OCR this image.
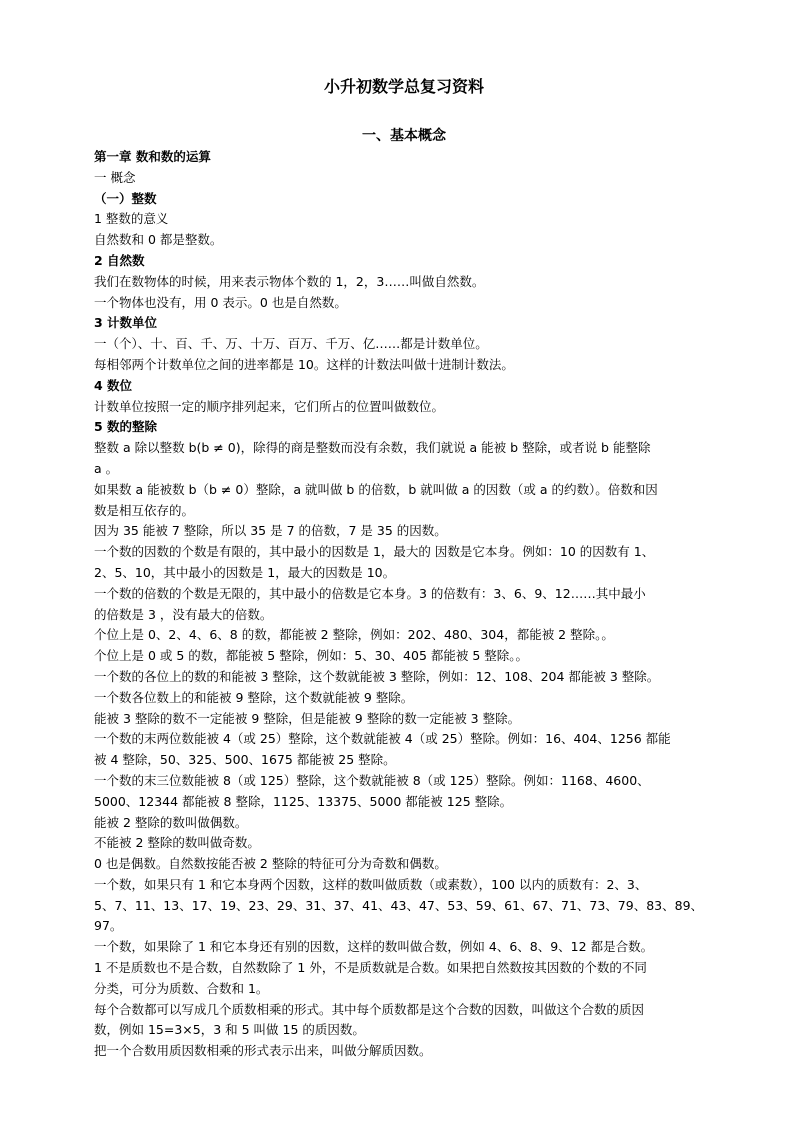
小升初数学总复习资料
一、基本概念
第一章 数和数的运算
一 概念
（一）整数
1 整数的意义
自然数和 0 都是整数。
2 自然数
我们在数物体的时候，用来表示物体个数的 1，2，3……叫做自然数。
一个物体也没有，用 0 表示。0 也是自然数。
3 计数单位
一（个）、十、百、千、万、十万、百万、千万、亿……都是计数单位。
每相邻两个计数单位之间的进率都是 10。这样的计数法叫做十进制计数法。
4 数位
计数单位按照一定的顺序排列起来，它们所占的位置叫做数位。
5 数的整除
整数 a 除以整数 b(b ≠ 0)，除得的商是整数而没有余数，我们就说 a 能被 b 整除，或者说 b 能整除
a 。
如果数 a 能被数 b（b ≠ 0）整除，a 就叫做 b 的倍数，b 就叫做 a 的因数（或 a 的约数）。倍数和因
数是相互依存的。
因为 35 能被 7 整除，所以 35 是 7 的倍数，7 是 35 的因数。
一个数的因数的个数是有限的，其中最小的因数是 1，最大的 因数是它本身。例如：10 的因数有 1、
2、5、10，其中最小的因数是 1，最大的因数是 10。
一个数的倍数的个数是无限的，其中最小的倍数是它本身。3 的倍数有：3、6、9、12……其中最小
的倍数是 3 ，没有最大的倍数。
个位上是 0、2、4、6、8 的数，都能被 2 整除，例如：202、480、304，都能被 2 整除。。
个位上是 0 或 5 的数，都能被 5 整除，例如：5、30、405 都能被 5 整除。。
一个数的各位上的数的和能被 3 整除，这个数就能被 3 整除，例如：12、108、204 都能被 3 整除。
一个数各位数上的和能被 9 整除，这个数就能被 9 整除。
能被 3 整除的数不一定能被 9 整除，但是能被 9 整除的数一定能被 3 整除。
一个数的末两位数能被 4（或 25）整除，这个数就能被 4（或 25）整除。例如：16、404、1256 都能
被 4 整除，50、325、500、1675 都能被 25 整除。
一个数的末三位数能被 8（或 125）整除，这个数就能被 8（或 125）整除。例如：1168、4600、
5000、12344 都能被 8 整除，1125、13375、5000 都能被 125 整除。
能被 2 整除的数叫做偶数。
不能被 2 整除的数叫做奇数。
0 也是偶数。自然数按能否被 2 整除的特征可分为奇数和偶数。
一个数，如果只有 1 和它本身两个因数，这样的数叫做质数（或素数），100 以内的质数有：2、3、
5、7、11、13、17、19、23、29、31、37、41、43、47、53、59、61、67、71、73、79、83、89、
97。
一个数，如果除了 1 和它本身还有别的因数，这样的数叫做合数，例如 4、6、8、9、12 都是合数。
1 不是质数也不是合数，自然数除了 1 外，不是质数就是合数。如果把自然数按其因数的个数的不同
分类，可分为质数、合数和 1。
每个合数都可以写成几个质数相乘的形式。其中每个质数都是这个合数的因数，叫做这个合数的质因
数，例如 15=3×5，3 和 5 叫做 15 的质因数。
把一个合数用质因数相乘的形式表示出来，叫做分解质因数。
